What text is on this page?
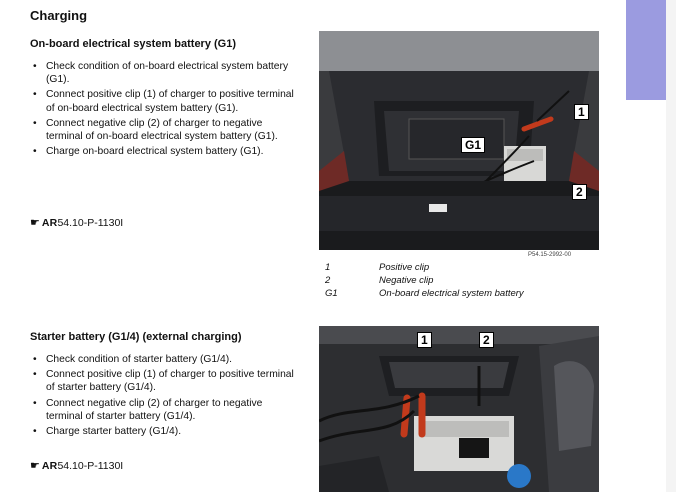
Charging
On-board electrical system battery (G1)
• Check condition of on-board electrical system battery (G1).
• Connect positive clip (1) of charger to positive terminal of on-board electrical system battery (G1).
• Connect negative clip (2) of charger to negative terminal of on-board electrical system battery (G1).
• Charge on-board electrical system battery (G1).
☛ AR 54.10-P-1130I
1
G1
2
P54.15-2992-00
1	Positive clip
2	Negative clip
G1	On-board electrical system battery
Starter battery (G1/4) (external charging)
• Check condition of starter battery (G1/4).
• Connect positive clip (1) of charger to positive terminal of starter battery (G1/4).
• Connect negative clip (2) of charger to negative terminal of starter battery (G1/4).
• Charge starter battery (G1/4).
☛ AR 54.10-P-1130I
1	2
